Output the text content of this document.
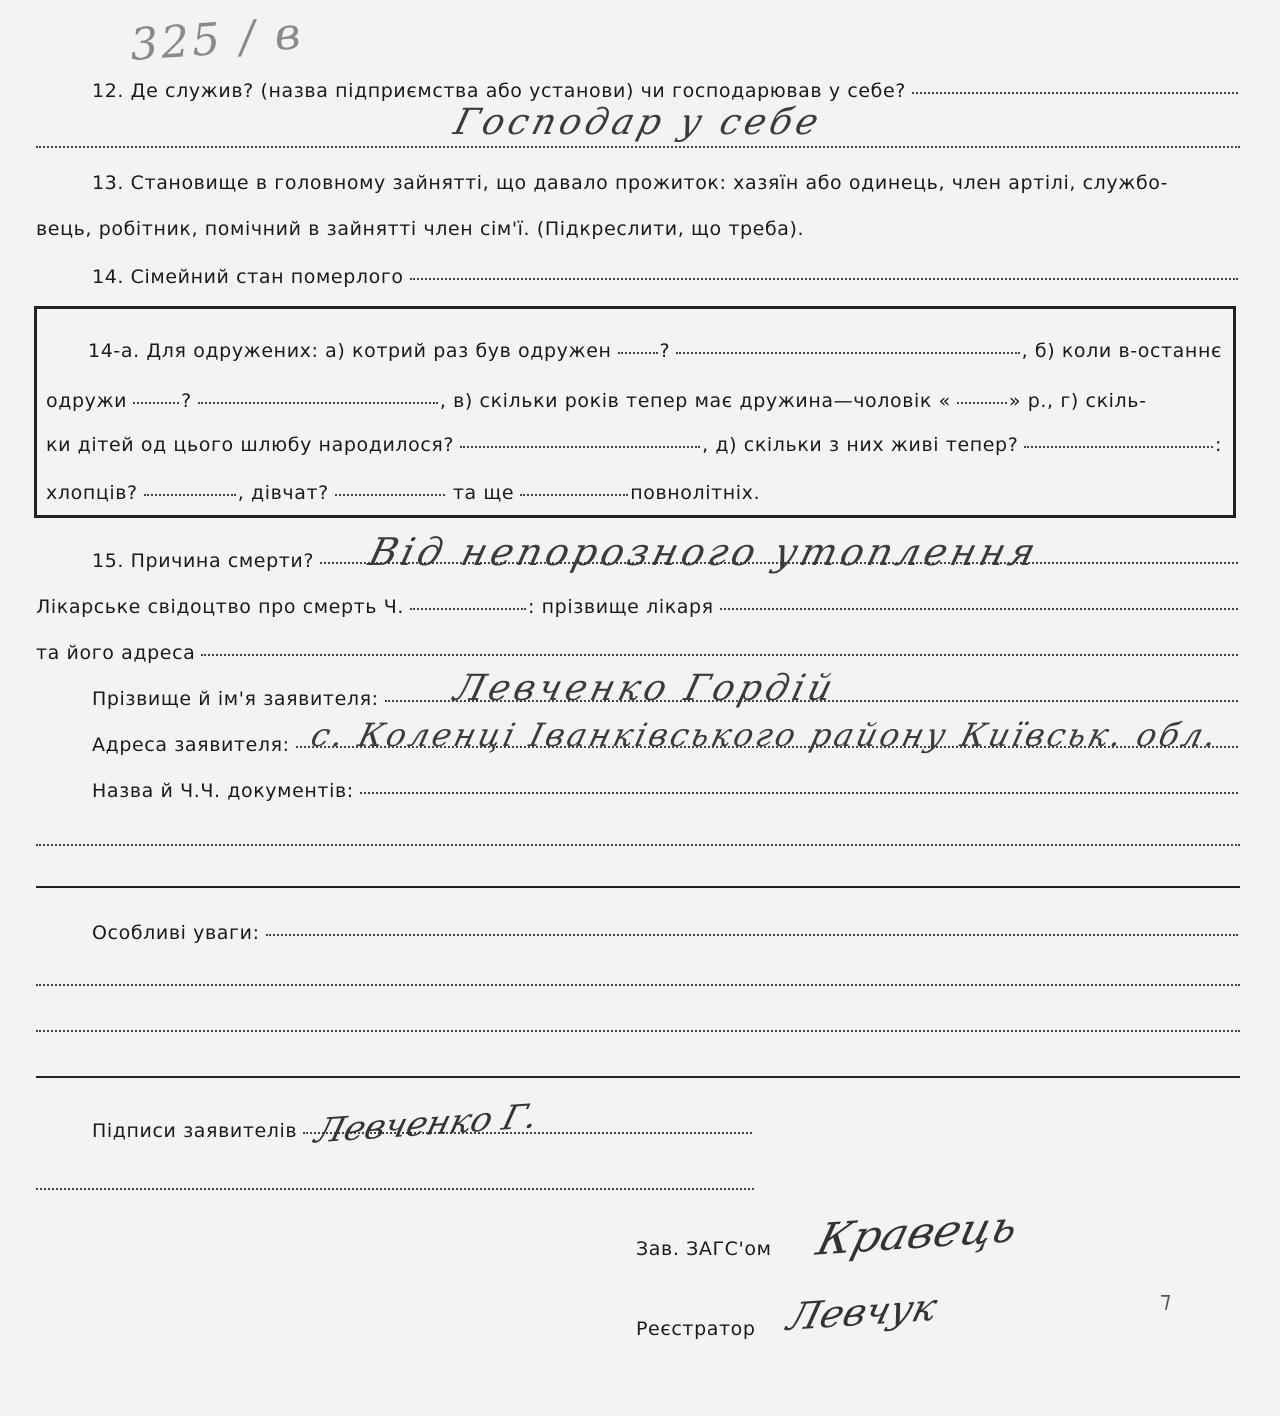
325 / в
12. Де служив? (назва підприємства або установи) чи господарював у себе?
Господар у себе
13. Становище в головному зайнятті, що давало прожиток: хазяїн або одинець, член артілі, службо-
вець, робітник, помічний в зайнятті член сім'ї. (Підкреслити, що треба).
14. Сімейний стан померлого
14-а. Для одружених: а) котрий раз був одружен	?	, б) коли в-останнє
одружи	?	, в) скільки років тепер має дружина—чоловік «	» р., г) скіль-
ки дітей од цього шлюбу народилося?	, д) скільки з них живі тепер?	:
хлопців?	, дівчат?	та ще	повнолітніх.
15. Причина смерти? Від непорозного утоплення
Лікарське свідоцтво про смерть Ч.	: прізвище лікаря
та його адреса
Прізвище й ім'я заявителя: Левченко Гордій
Адреса заявителя: с. Коленці Іванківського району Київськ. обл.
Назва й Ч.Ч. документів:
Особливі уваги:
Підписи заявителів Левченко Г.
Зав. ЗАГС'ом Кравець
Реєстратор Левчук	⁊
